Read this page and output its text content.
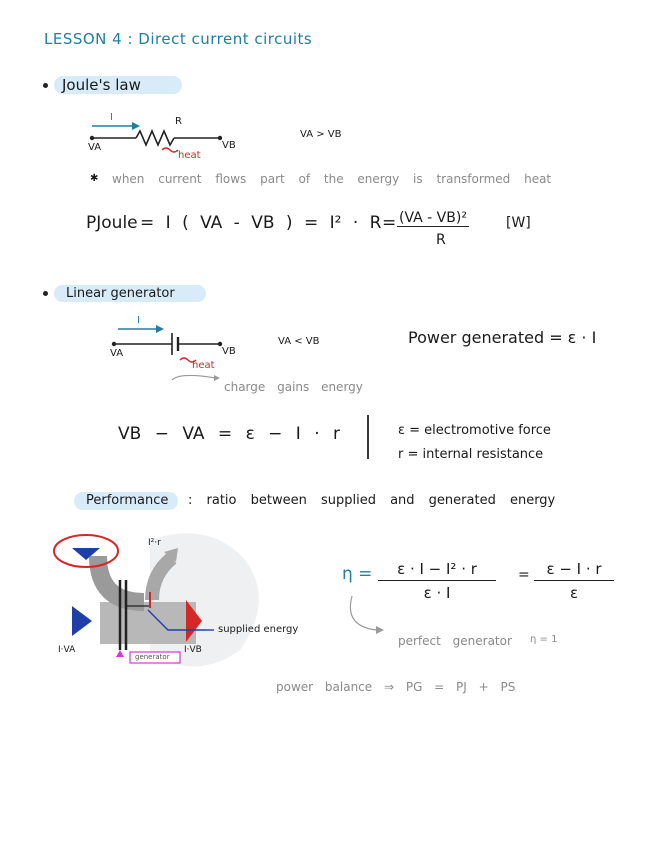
LESSON 4 : Direct current circuits
Joule's law
I	R
VA	VB
heat
VA > VB
✱ when current flows part of the energy is transformed heat
PJoule = I ( VA - VB ) = I² · R = (VA - VB)²
R
[W]
Linear generator
I
VA	VB
heat
VA < VB	Power generated = ε · I
charge gains energy
VB − VA = ε − I · r	ε = electromotive force
r = internal resistance
Performance : ratio between supplied and generated energy
εI	I²·r
supplied energy
I·VA	I·VB
generator
η =	ε · I − I² · r
ε · I
=	ε − I · r
ε
perfect generator η = 1
power balance ⇒ PG = PJ + PS
